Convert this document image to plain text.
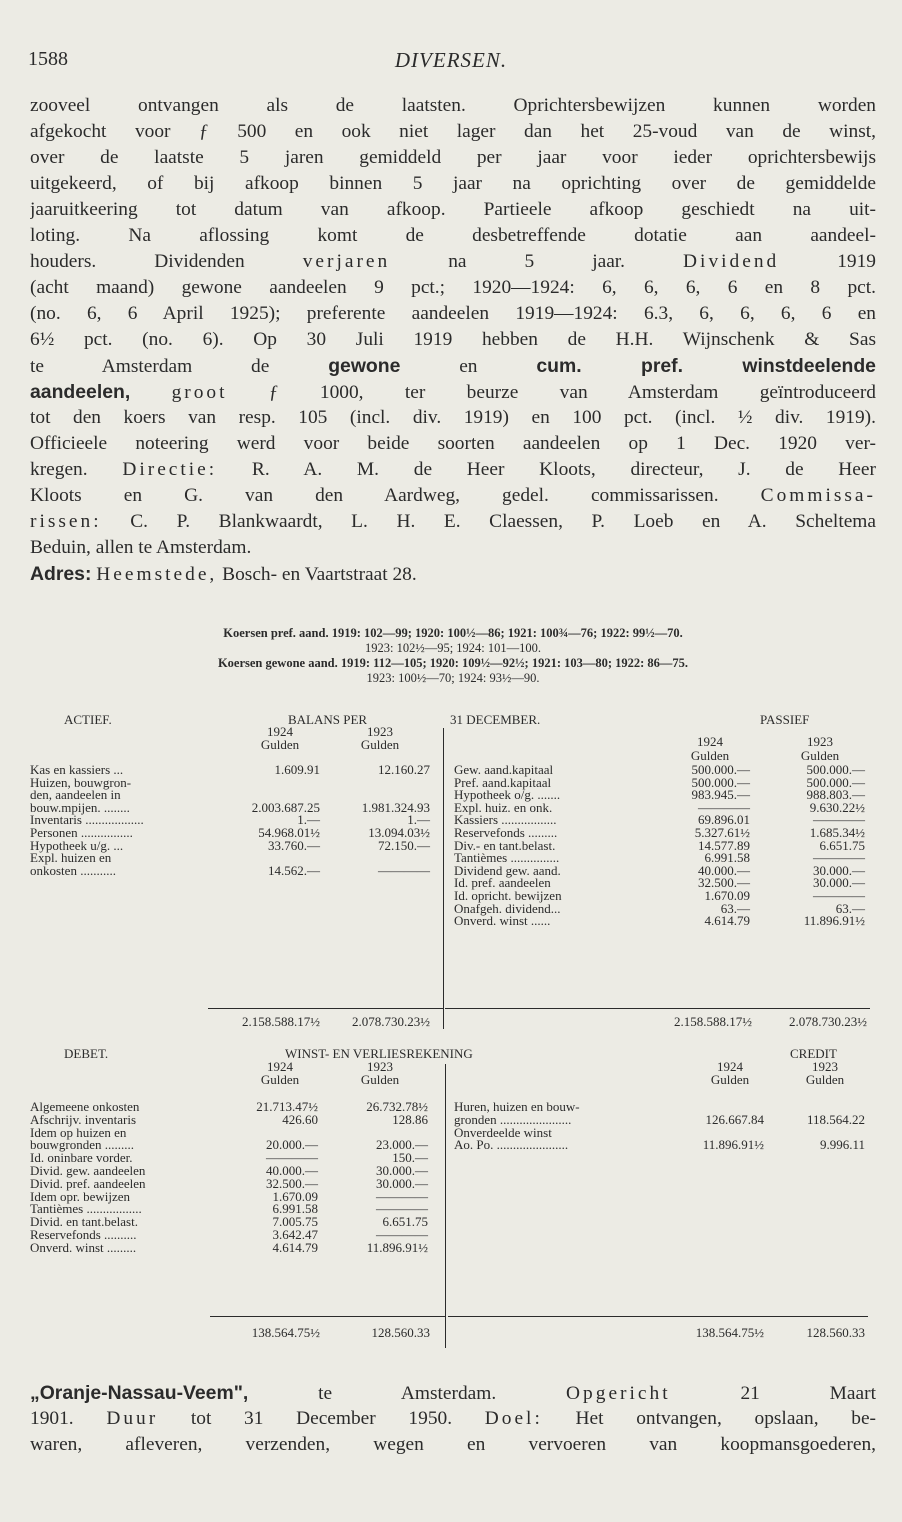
1588	DIVERSEN.
zooveel ontvangen als de laatsten. Oprichtersbewijzen kunnen worden
afgekocht voor ƒ 500 en ook niet lager dan het 25-voud van de winst,
over de laatste 5 jaren gemiddeld per jaar voor ieder oprichtersbewijs
uitgekeerd, of bij afkoop binnen 5 jaar na oprichting over de gemiddelde
jaaruitkeering tot datum van afkoop. Partieele afkoop geschiedt na uit-
loting. Na aflossing komt de desbetreffende dotatie aan aandeel-
houders. Dividenden	verjaren	na 5 jaar.	Dividend	1919
(acht maand) gewone aandeelen 9 pct.; 1920—1924: 6, 6, 6, 6 en 8 pct.
(no. 6, 6 April 1925); preferente aandeelen 1919—1924: 6.3, 6, 6, 6, 6 en
6½ pct. (no. 6). Op 30 Juli 1919 hebben de H.H. Wijnschenk & Sas
te Amsterdam de	gewone	en	cum. pref. winstdeelende
aandeelen, groot ƒ 1000, ter beurze van Amsterdam geïntroduceerd
tot den koers van resp. 105 (incl. div. 1919) en 100 pct. (incl. ½ div. 1919).
Officieele noteering werd voor beide soorten aandeelen op 1 Dec. 1920 ver-
kregen. Directie: R. A. M. de Heer Kloots, directeur, J. de Heer
Kloots en G. van den Aardweg, gedel. commissarissen. Commissa-
rissen: C. P. Blankwaardt, L. H. E. Claessen, P. Loeb en A. Scheltema
Beduin, allen te Amsterdam.
Adres: Heemstede, Bosch- en Vaartstraat 28.
Koersen pref. aand. 1919: 102—99; 1920: 100½—86; 1921: 100¾—76; 1922: 99½—70.
1923: 102½—95; 1924: 101—100.
Koersen gewone aand. 1919: 112—105; 1920: 109½—92½; 1921: 103—80; 1922: 86—75.
1923: 100½—70; 1924: 93½—90.
ACTIEF.	BALANS PER	31 DECEMBER.	PASSIEF
1924	1923
Gulden	Gulden	1924	1923
Gulden	Gulden
Kas en kassiers ...	1.609.91	12.160.27
Huizen, bouwgron-
den, aandeelen in
bouw.mpijen. ........	2.003.687.25	1.981.324.93
Inventaris ..................	1.—	1.—
Personen ................	54.968.01½	13.094.03½
Hypotheek u/g. ...	33.760.—	72.150.—
Expl. huizen en
onkosten ...........	14.562.—	————
Gew. aand.kapitaal	500.000.—	500.000.—
Pref. aand.kapitaal	500.000.—	500.000.—
Hypotheek o/g. .......	983.945.—	988.803.—
Expl. huiz. en onk.	————	9.630.22½
Kassiers .................	69.896.01	————
Reservefonds .........	5.327.61½	1.685.34½
Div.- en tant.belast.	14.577.89	6.651.75
Tantièmes ...............	6.991.58	————
Dividend gew. aand.	40.000.—	30.000.—
Id. pref. aandeelen	32.500.—	30.000.—
Id. opricht. bewijzen	1.670.09	————
Onafgeh. dividend...	63.—	63.—
Onverd. winst ......	4.614.79	11.896.91½
2.158.588.17½	2.078.730.23½	2.158.588.17½	2.078.730.23½
DEBET.	WINST- EN VERLIESREKENING	CREDIT
1924	1923
Gulden	Gulden
1924	1923
Gulden	Gulden
Algemeene onkosten	21.713.47½	26.732.78½
Afschrijv. inventaris	426.60	128.86
Idem op huizen en
bouwgronden .........	20.000.—	23.000.—
Id. oninbare vorder.	————	150.—
Divid. gew. aandeelen	40.000.—	30.000.—
Divid. pref. aandeelen	32.500.—	30.000.—
Idem opr. bewijzen	1.670.09	————
Tantièmes .................	6.991.58	————
Divid. en tant.belast.	7.005.75	6.651.75
Reservefonds ..........	3.642.47	————
Onverd. winst .........	4.614.79	11.896.91½
Huren, huizen en bouw-
gronden ......................	126.667.84	118.564.22
Onverdeelde winst
Ao. Po. ......................	11.896.91½	9.996.11
138.564.75½	128.560.33	138.564.75½	128.560.33
„Oranje-Nassau-Veem",	te Amsterdam.	Opgericht	21 Maart
1901. Duur tot 31 December 1950. Doel: Het ontvangen, opslaan, be-
waren, afleveren, verzenden, wegen en vervoeren van koopmansgoederen,
